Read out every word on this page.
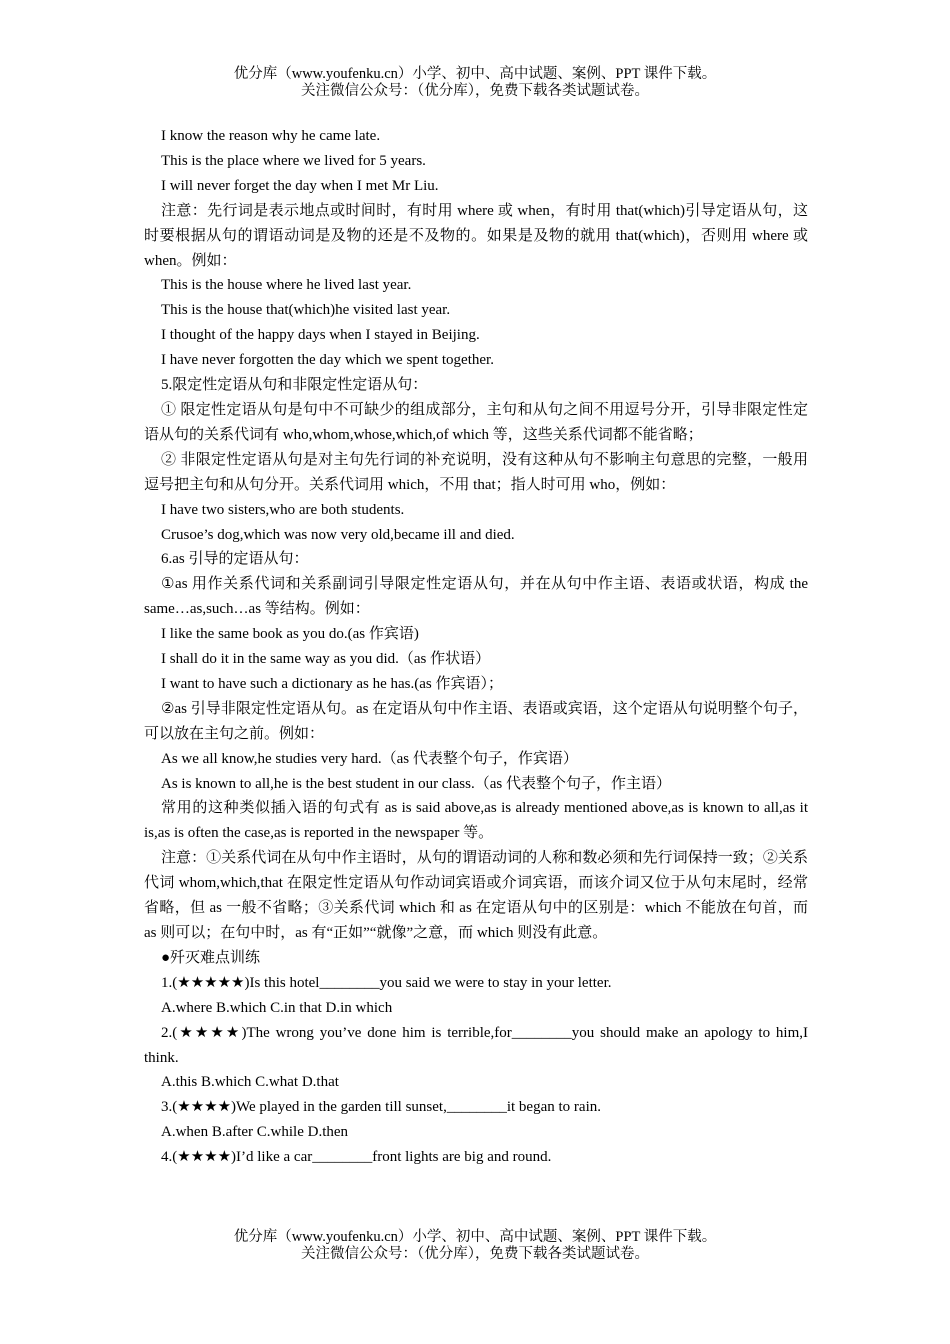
优分库（www.youfenku.cn）小学、初中、高中试题、案例、PPT 课件下载。
关注微信公众号：（优分库），免费下载各类试题试卷。

I know the reason why he came late.

This is the place where we lived for 5 years.

I will never forget the day when I met Mr Liu.

注意：先行词是表示地点或时间时，有时用 where 或 when，有时用 that(which)引导定语从句，这时要根据从句的谓语动词是及物的还是不及物的。如果是及物的就用 that(which)，否则用 where 或 when。例如：

This is the house where he lived last year.

This is the house that(which)he visited last year.

I thought of the happy days when I stayed in Beijing.

I have never forgotten the day which we spent together.

5.限定性定语从句和非限定性定语从句：

① 限定性定语从句是句中不可缺少的组成部分，主句和从句之间不用逗号分开，引导非限定性定语从句的关系代词有 who,whom,whose,which,of which 等，这些关系代词都不能省略；

② 非限定性定语从句是对主句先行词的补充说明，没有这种从句不影响主句意思的完整，一般用逗号把主句和从句分开。关系代词用 which，不用 that；指人时可用 who，例如：

I have two sisters,who are both students.

Crusoe’s dog,which was now very old,became ill and died.

6.as 引导的定语从句：

①as 用作关系代词和关系副词引导限定性定语从句，并在从句中作主语、表语或状语，构成 the same…as,such…as 等结构。例如：

I like the same book as you do.(as 作宾语)

I shall do it in the same way as you did.（as 作状语）

I want to have such a dictionary as he has.(as 作宾语）；

②as 引导非限定性定语从句。as 在定语从句中作主语、表语或宾语，这个定语从句说明整个句子，可以放在主句之前。例如：

As we all know,he studies very hard.（as 代表整个句子，作宾语）

As is known to all,he is the best student in our class.（as 代表整个句子，作主语）

常用的这种类似插入语的句式有 as is said above,as is already mentioned above,as is known to all,as it is,as is often the case,as is reported in the newspaper 等。

注意：①关系代词在从句中作主语时，从句的谓语动词的人称和数必须和先行词保持一致；②关系代词 whom,which,that 在限定性定语从句作动词宾语或介词宾语，而该介词又位于从句末尾时，经常省略，但 as 一般不省略；③关系代词 which 和 as 在定语从句中的区别是：which 不能放在句首，而 as 则可以；在句中时，as 有“正如”“就像”之意，而 which 则没有此意。

●歼灭难点训练

1.(★★★★★)Is this hotel________you said we were to stay in your letter.

A.where B.which C.in that D.in which

2.(★★★★)The wrong you’ve done him is terrible,for________you should make an apology to him,I think.

A.this B.which C.what D.that

3.(★★★★)We played in the garden till sunset,________it began to rain.

A.when B.after C.while D.then

4.(★★★★)I’d like a car________front lights are big and round.

优分库（www.youfenku.cn）小学、初中、高中试题、案例、PPT 课件下载。
关注微信公众号：（优分库），免费下载各类试题试卷。
